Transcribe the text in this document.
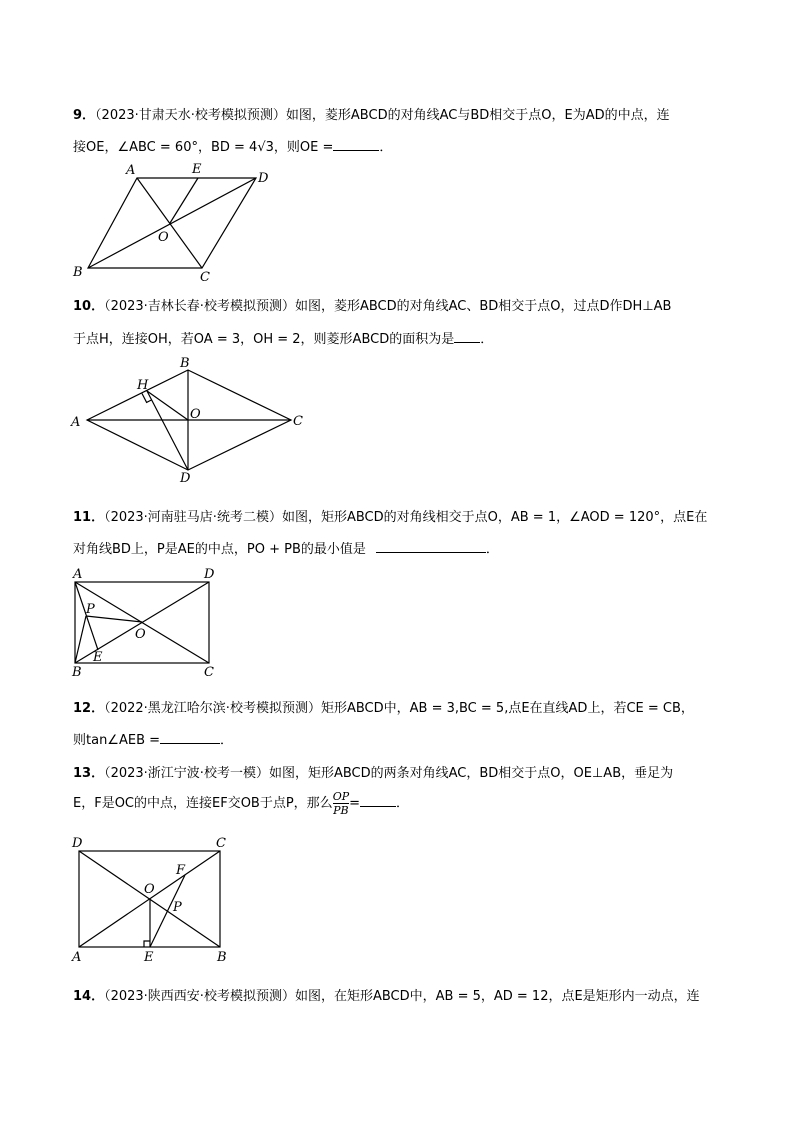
9．（2023·甘肃天水·校考模拟预测）如图，菱形ABCD的对角线AC与BD相交于点O，E为AD的中点，连
接OE，∠ABC = 60°，BD = 4√3，则OE =	．
A	E
D
O
B	C
10．（2023·吉林长春·校考模拟预测）如图，菱形ABCD的对角线AC、BD相交于点O，过点D作DH⊥AB
于点H，连接OH，若OA = 3，OH = 2，则菱形ABCD的面积为是 ．
B
H
O
A	C
D
11．（2023·河南驻马店·统考二模）如图，矩形ABCD的对角线相交于点O，AB = 1，∠AOD = 120°，点E在
对角线BD上，P是AE的中点，PO + PB的最小值是	．
A	D
P
O
B
E
C
12．（2022·黑龙江哈尔滨·校考模拟预测）矩形ABCD中，AB = 3,BC = 5,点E在直线AD上，若CE = CB，
则tan∠AEB =	．
13．（2023·浙江宁波·校考一模）如图，矩形ABCD的两条对角线AC，BD相交于点O，OE⊥AB，垂足为
E，F是OC的中点，连接EF交OB于点P，那么 $\frac{OP}{PB}$ =	．
D	C
O
F
P
A	E	B
14．（2023·陕西西安·校考模拟预测）如图，在矩形ABCD中，AB = 5，AD = 12，点E是矩形内一动点，连
